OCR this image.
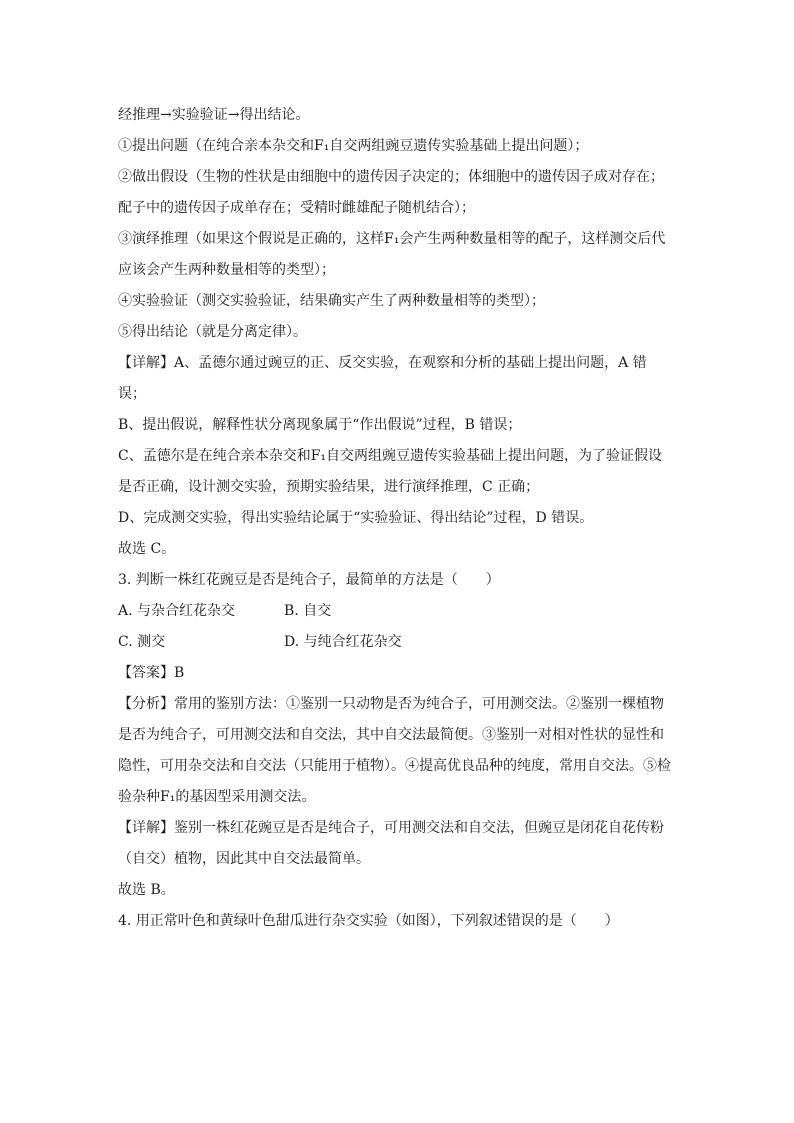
经推理→实验验证→得出结论。
①提出问题（在纯合亲本杂交和F₁自交两组豌豆遗传实验基础上提出问题）；
②做出假设（生物的性状是由细胞中的遗传因子决定的；体细胞中的遗传因子成对存在；
配子中的遗传因子成单存在；受精时雌雄配子随机结合）；
③演绎推理（如果这个假说是正确的，这样F₁会产生两种数量相等的配子，这样测交后代
应该会产生两种数量相等的类型）；
④实验验证（测交实验验证，结果确实产生了两种数量相等的类型）；
⑤得出结论（就是分离定律）。
【详解】A、孟德尔通过豌豆的正、反交实验，在观察和分析的基础上提出问题，A 错
误；
B、提出假说，解释性状分离现象属于“作出假说”过程，B 错误；
C、孟德尔是在纯合亲本杂交和F₁自交两组豌豆遗传实验基础上提出问题，为了验证假设
是否正确，设计测交实验，预期实验结果，进行演绎推理，C 正确；
D、完成测交实验，得出实验结论属于“实验验证、得出结论”过程，D 错误。
故选 C。
3. 判断一株红花豌豆是否是纯合子，最简单的方法是（　　）
A. 与杂合红花杂交	B. 自交
C. 测交	D. 与纯合红花杂交
【答案】B
【分析】常用的鉴别方法：①鉴别一只动物是否为纯合子，可用测交法。②鉴别一棵植物
是否为纯合子，可用测交法和自交法，其中自交法最简便。③鉴别一对相对性状的显性和
隐性，可用杂交法和自交法（只能用于植物）。④提高优良品种的纯度，常用自交法。⑤检
验杂种F₁的基因型采用测交法。
【详解】鉴别一株红花豌豆是否是纯合子，可用测交法和自交法，但豌豆是闭花自花传粉
（自交）植物，因此其中自交法最简单。
故选 B。
4. 用正常叶色和黄绿叶色甜瓜进行杂交实验（如图），下列叙述错误的是（　　）
